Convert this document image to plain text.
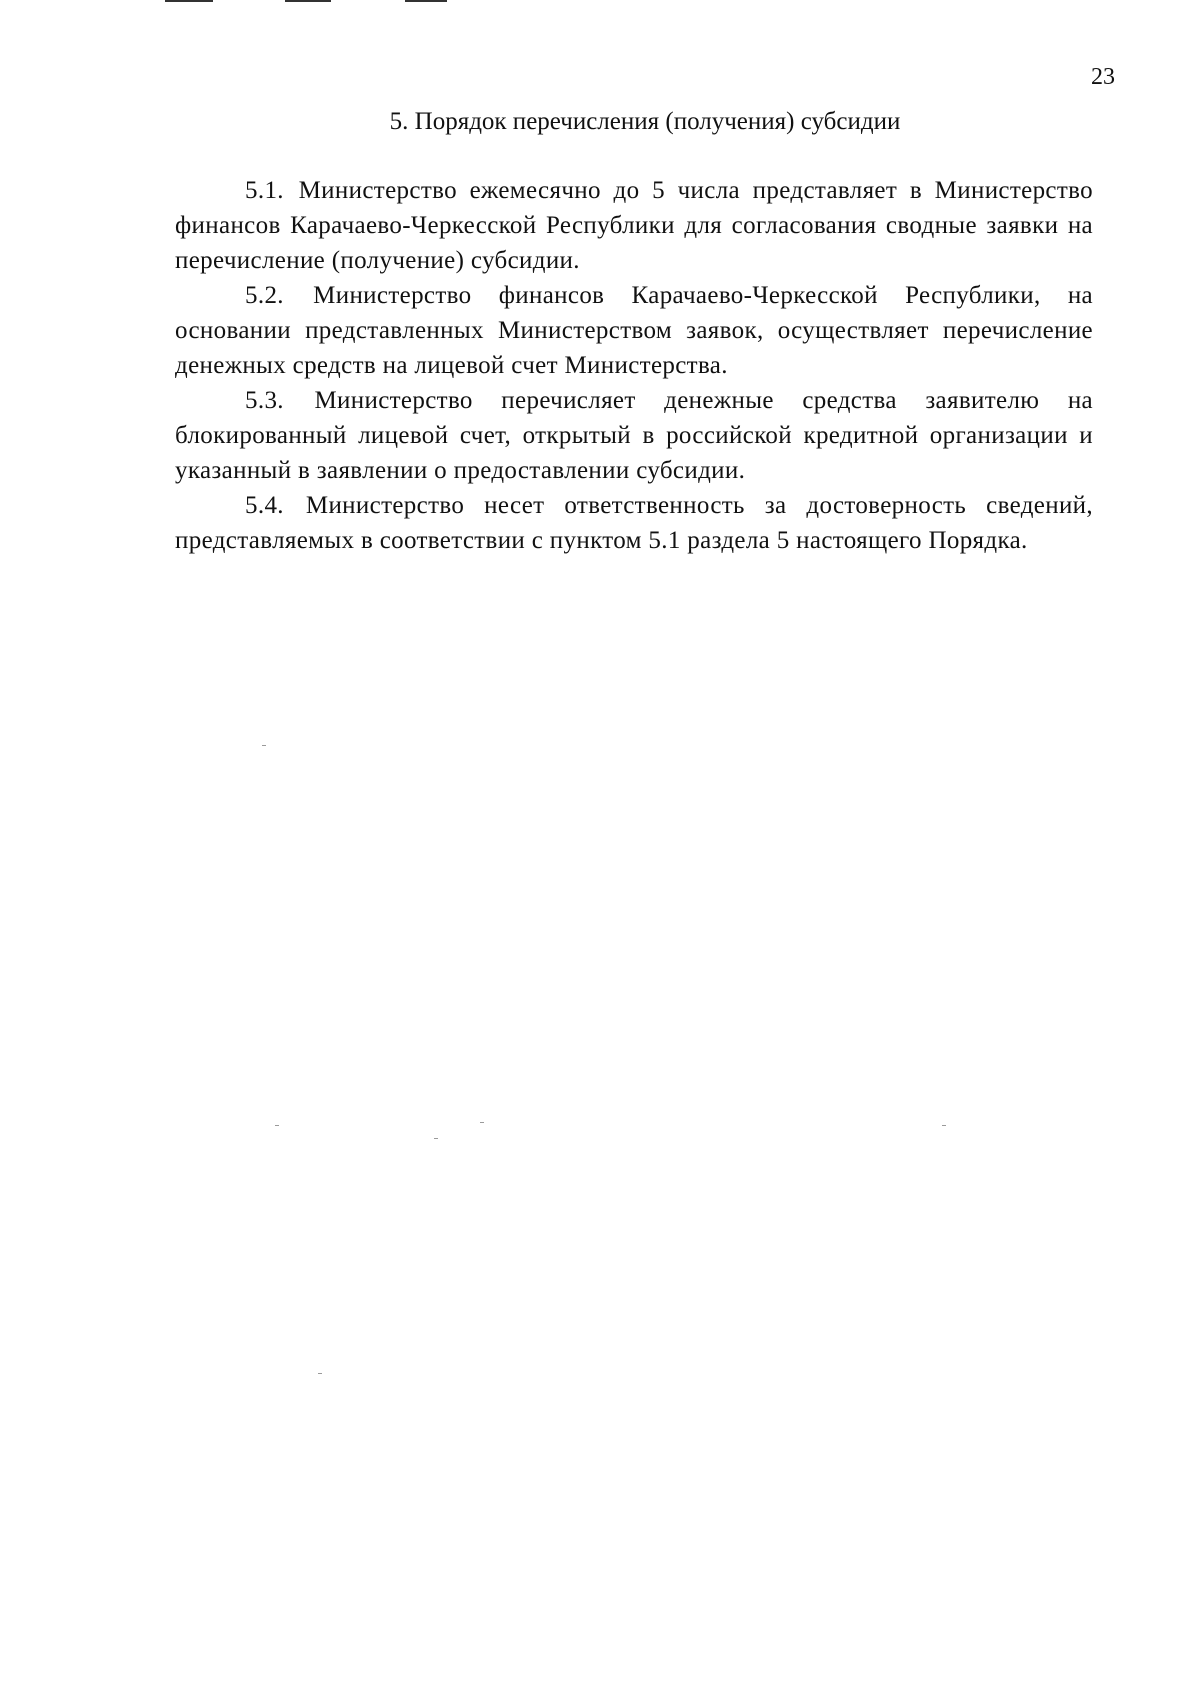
23
5. Порядок перечисления (получения) субсидии

5.1. Министерство ежемесячно до 5 числа представляет в Министерство финансов Карачаево-Черкесской Республики для согласования сводные заявки на перечисление (получение) субсидии.

5.2. Министерство финансов Карачаево-Черкесской Республики, на основании представленных Министерством заявок, осуществляет перечисление денежных средств на лицевой счет Министерства.

5.3. Министерство перечисляет денежные средства заявителю на блокированный лицевой счет, открытый в российской кредитной организации и указанный в заявлении о предоставлении субсидии.

5.4. Министерство несет ответственность за достоверность сведений, представляемых в соответствии с пунктом 5.1 раздела 5 настоящего Порядка.
